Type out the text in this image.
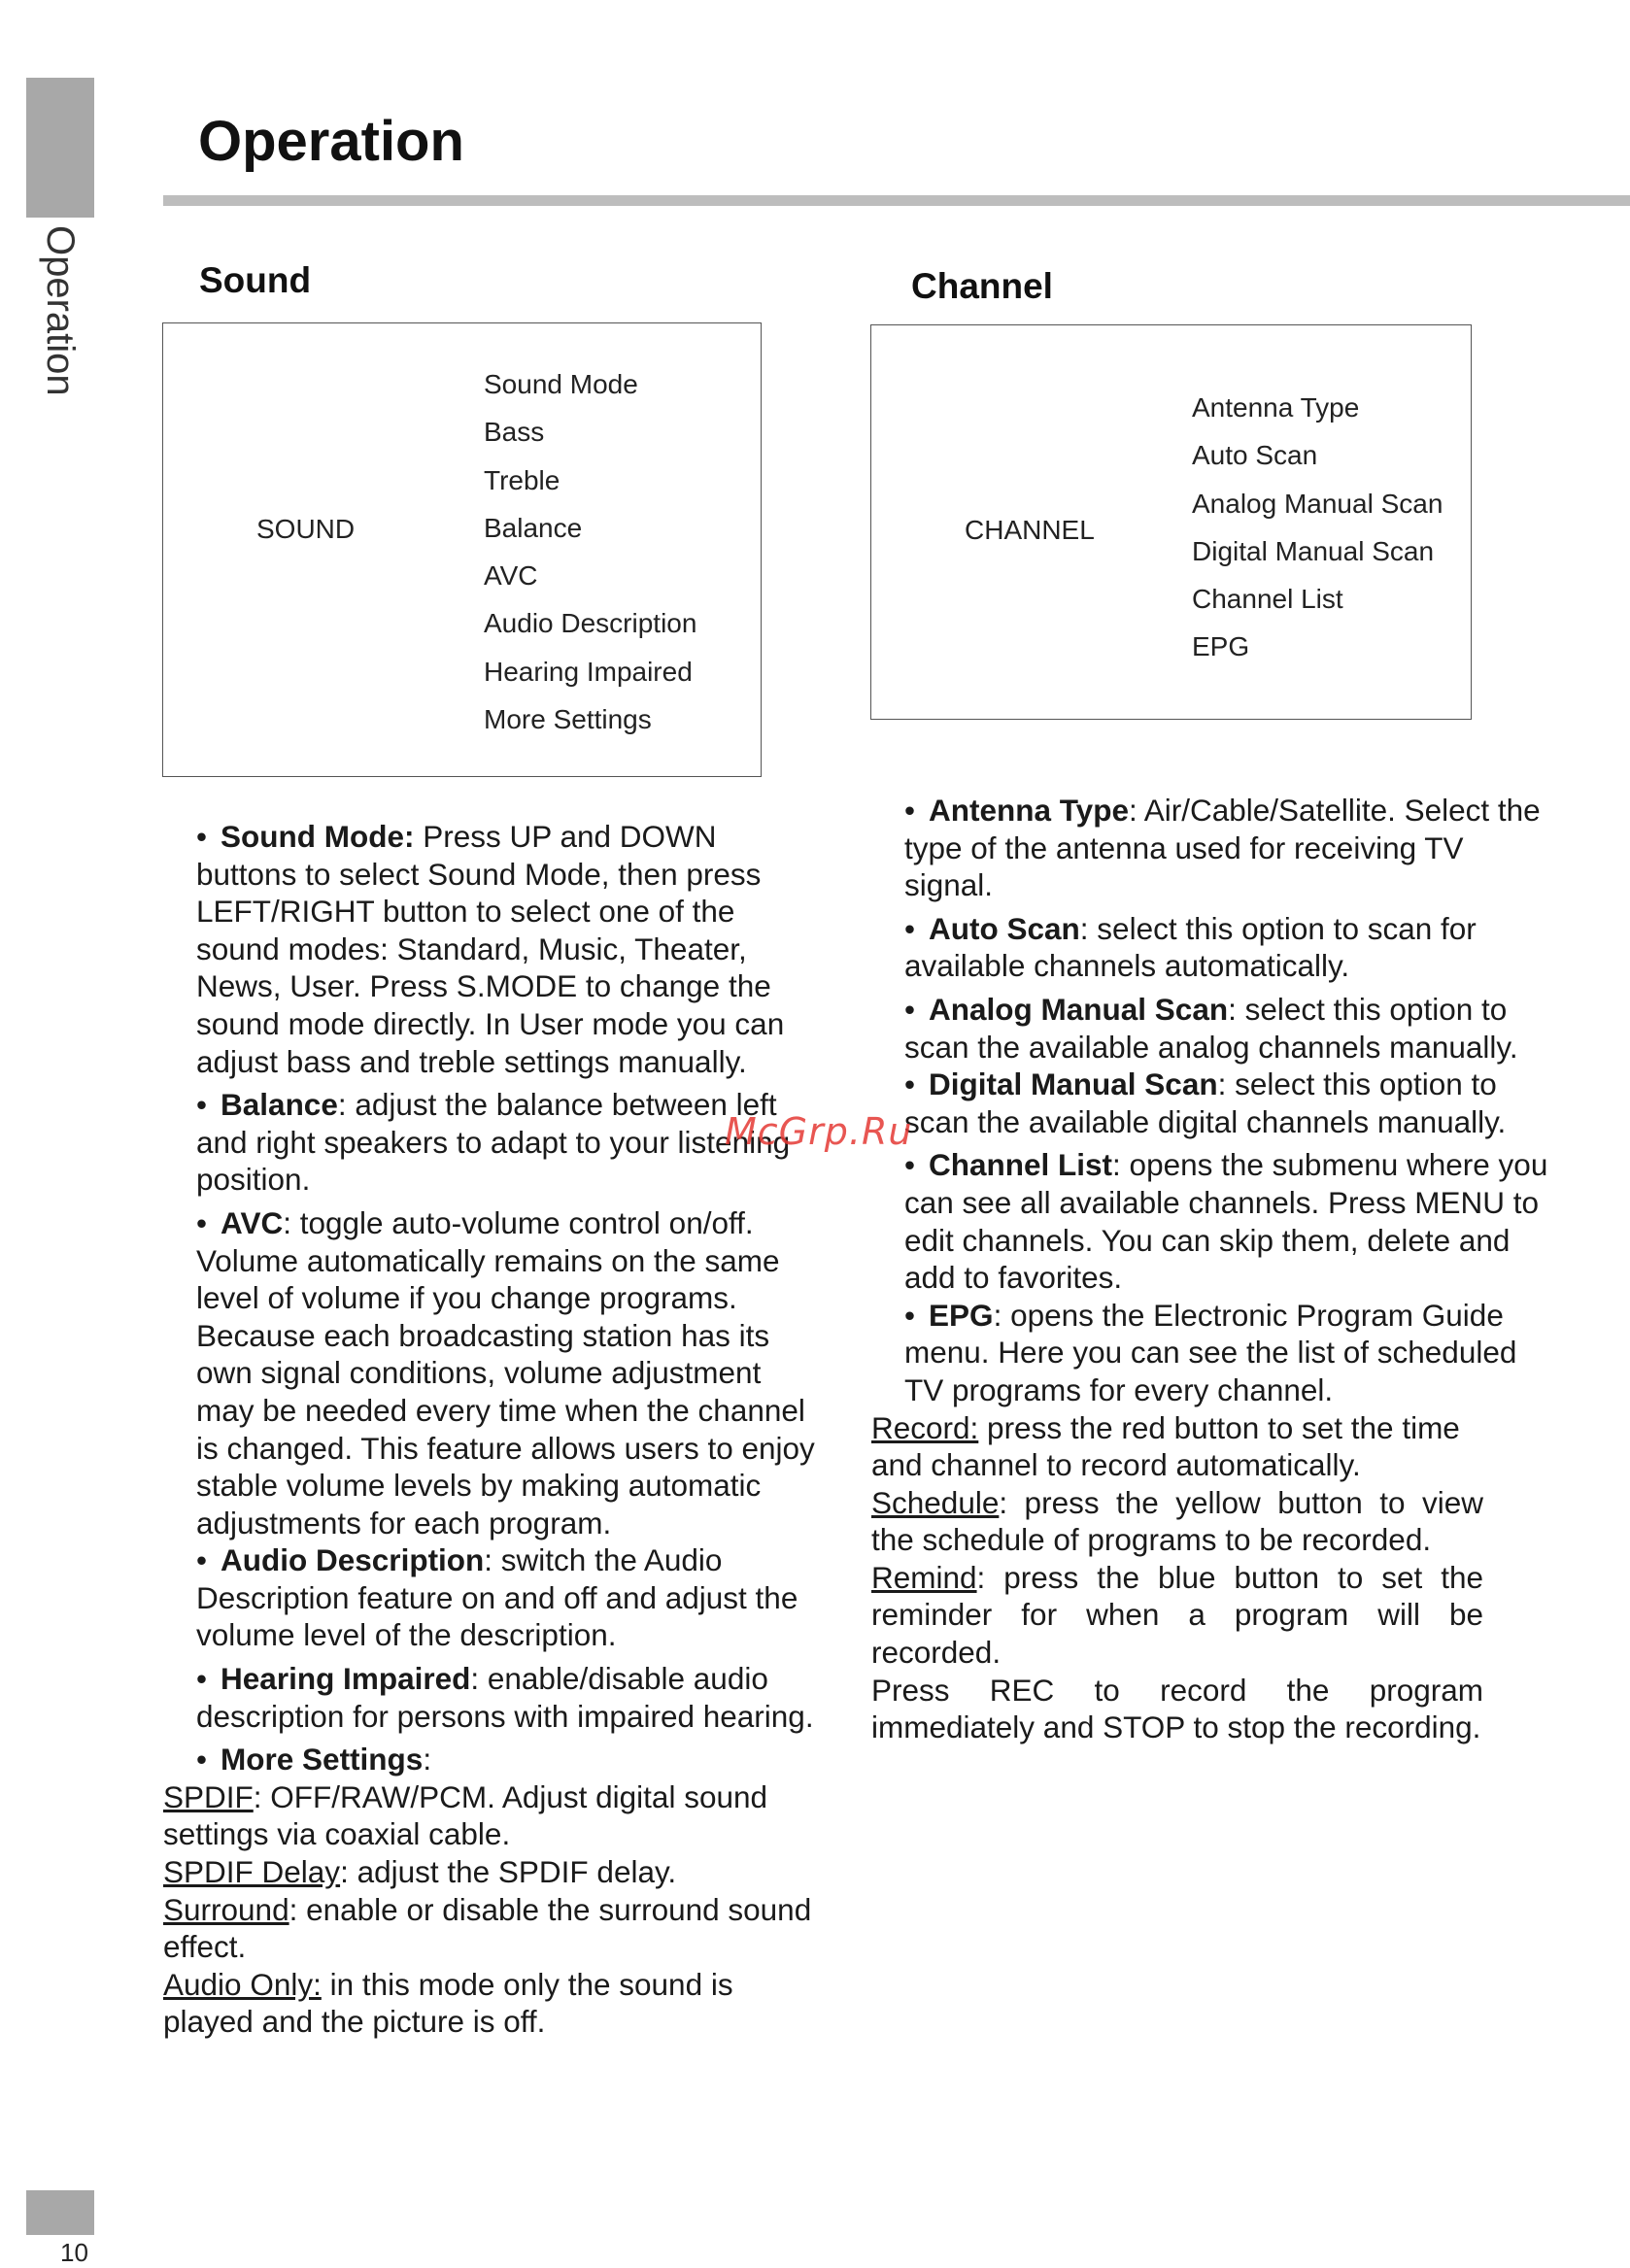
Operation
Operation
Sound
SOUND
Sound Mode
Bass
Treble
Balance
AVC
Audio Description
Hearing Impaired
More Settings
Channel
CHANNEL
Antenna Type
Auto Scan
Analog Manual Scan
Digital Manual Scan
Channel List
EPG

• Sound Mode: Press UP and DOWN buttons to select Sound Mode, then press LEFT/RIGHT button to select one of the sound modes: Standard, Music, Theater, News, User. Press S.MODE to change the sound mode directly. In User mode you can adjust bass and treble settings manually.

• Balance: adjust the balance between left and right speakers to adapt to your listening position.

• AVC: toggle auto-volume control on/off. Volume automatically remains on the same level of volume if you change programs. Because each broadcasting station has its own signal conditions, volume adjustment may be needed every time when the channel is changed. This feature allows users to enjoy stable volume levels by making automatic adjustments for each program.

• Audio Description: switch the Audio Description feature on and off and adjust the volume level of the description.

• Hearing Impaired: enable/disable audio description for persons with impaired hearing.

• More Settings:

SPDIF: OFF/RAW/PCM. Adjust digital sound settings via coaxial cable.

SPDIF Delay: adjust the SPDIF delay.

Surround: enable or disable the surround sound effect.

Audio Only: in this mode only the sound is played and the picture is off.

• Antenna Type: Air/Cable/Satellite. Select the type of the antenna used for receiving TV signal.

• Auto Scan: select this option to scan for available channels automatically.

• Analog Manual Scan: select this option to scan the available analog channels manually.

• Digital Manual Scan: select this option to scan the available digital channels manually.

• Channel List: opens the submenu where you can see all available channels. Press MENU to edit channels. You can skip them, delete and add to favorites.

• EPG: opens the Electronic Program Guide menu. Here you can see the list of scheduled TV programs for every channel.

Record: press the red button to set the time and channel to record automatically.

Schedule: press the yellow button to view the schedule of programs to be recorded.

Remind: press the blue button to set the reminder for when a program will be recorded.

Press REC to record the program immediately and STOP to stop the recording.

McGrp.Ru
10
